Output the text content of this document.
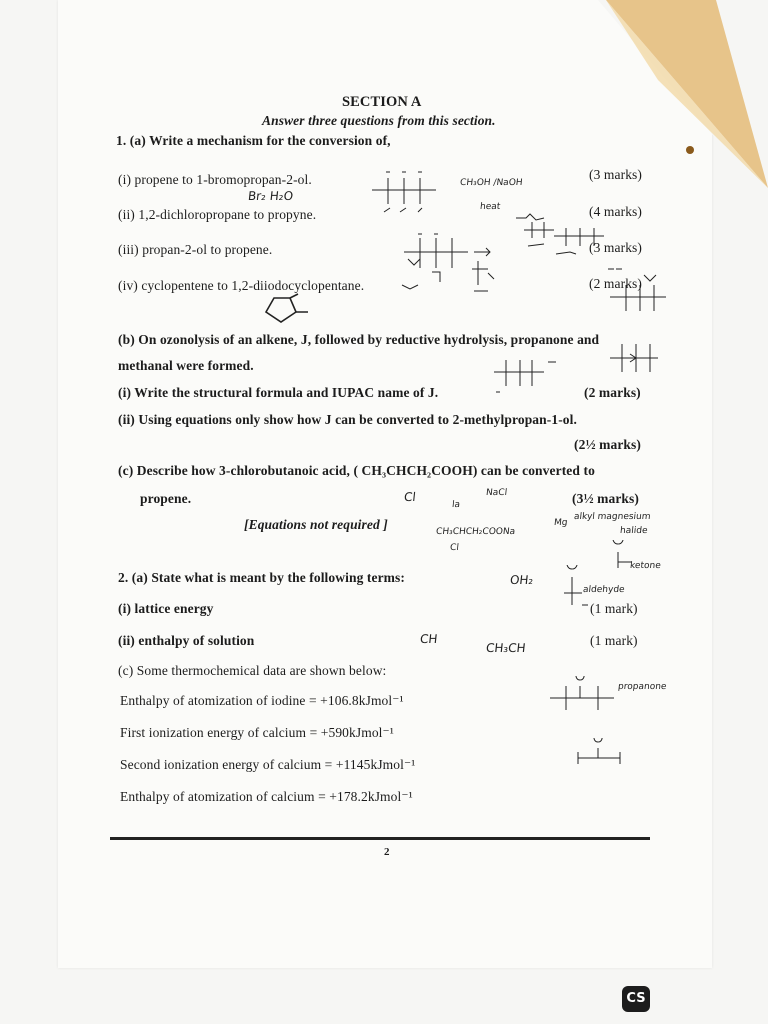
SECTION A
Answer three questions from this section.
1. (a) Write a mechanism for the conversion of,
(i) propene to 1-bromopropan-2-ol.	(3 marks)
(ii) 1,2-dichloropropane to propyne.	(4 marks)
(iii) propan-2-ol to propene.	(3 marks)
(iv) cyclopentene to 1,2-diiodocyclopentane.	(2 marks)
(b) On ozonolysis of an alkene, J, followed by reductive hydrolysis, propanone and
methanal were formed.
(i) Write the structural formula and IUPAC name of J.	(2 marks)
(ii) Using equations only show how J can be converted to 2-methylpropan-1-ol.
(2½ marks)
(c) Describe how 3-chlorobutanoic acid, ( CH₃CHCH₂COOH) can be converted to
propene.	(3½ marks)
[Equations not required ]
2. (a) State what is meant by the following terms:
(i) lattice energy	(1 mark)
(ii) enthalpy of solution	(1 mark)
(c) Some thermochemical data are shown below:
Enthalpy of atomization of iodine = +106.8kJmol⁻¹
First ionization energy of calcium = +590kJmol⁻¹
Second ionization energy of calcium = +1145kJmol⁻¹
Enthalpy of atomization of calcium = +178.2kJmol⁻¹
2
CH₃OH /NaOH
heat
Br₂ H₂O
Cl
la
NaCl
CH₃CHCH₂COONa
Cl
Mg
alkyl magnesium
halide
ketone
aldehyde
OH₂
CH
CH₃CH
propanone
CS
